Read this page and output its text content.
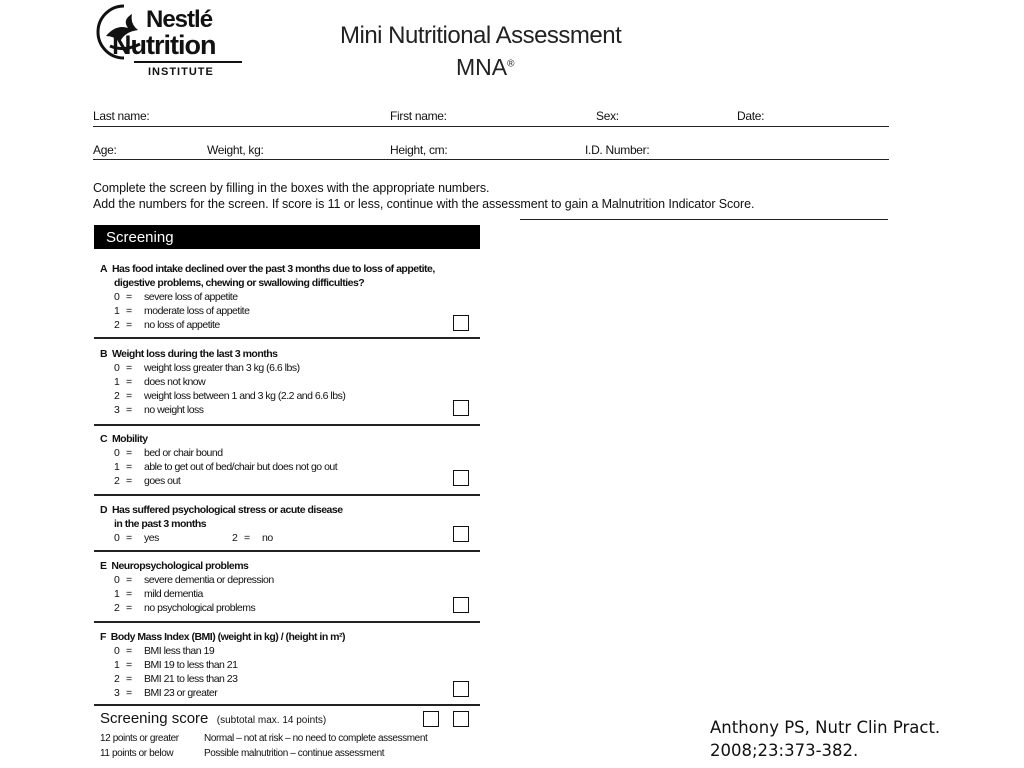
Nestlé
Nutrition
INSTITUTE
Mini Nutritional Assessment
MNA®
Last name:	First name:	Sex:	Date:
Age:	Weight, kg:	Height, cm:	I.D. Number:
Complete the screen by filling in the boxes with the appropriate numbers.
Add the numbers for the screen. If score is 11 or less, continue with the assessment to gain a Malnutrition Indicator Score.
Screening
A Has food intake declined over the past 3 months due to loss of appetite,
digestive problems, chewing or swallowing difficulties?
0 = severe loss of appetite
1 = moderate loss of appetite
2 = no loss of appetite
B Weight loss during the last 3 months
0 = weight loss greater than 3 kg (6.6 lbs)
1 = does not know
2 = weight loss between 1 and 3 kg (2.2 and 6.6 lbs)
3 = no weight loss
C Mobility
0 = bed or chair bound
1 = able to get out of bed/chair but does not go out
2 = goes out
D Has suffered psychological stress or acute disease
in the past 3 months
0 = yes	2 = no
E Neuropsychological problems
0 = severe dementia or depression
1 = mild dementia
2 = no psychological problems
F Body Mass Index (BMI) (weight in kg) / (height in m²)
0 = BMI less than 19
1 = BMI 19 to less than 21
2 = BMI 21 to less than 23
3 = BMI 23 or greater
Screening score (subtotal max. 14 points)
12 points or greater	Normal – not at risk – no need to complete assessment
11 points or below	Possible malnutrition – continue assessment
Anthony PS, Nutr Clin Pract.
2008;23:373-382.
